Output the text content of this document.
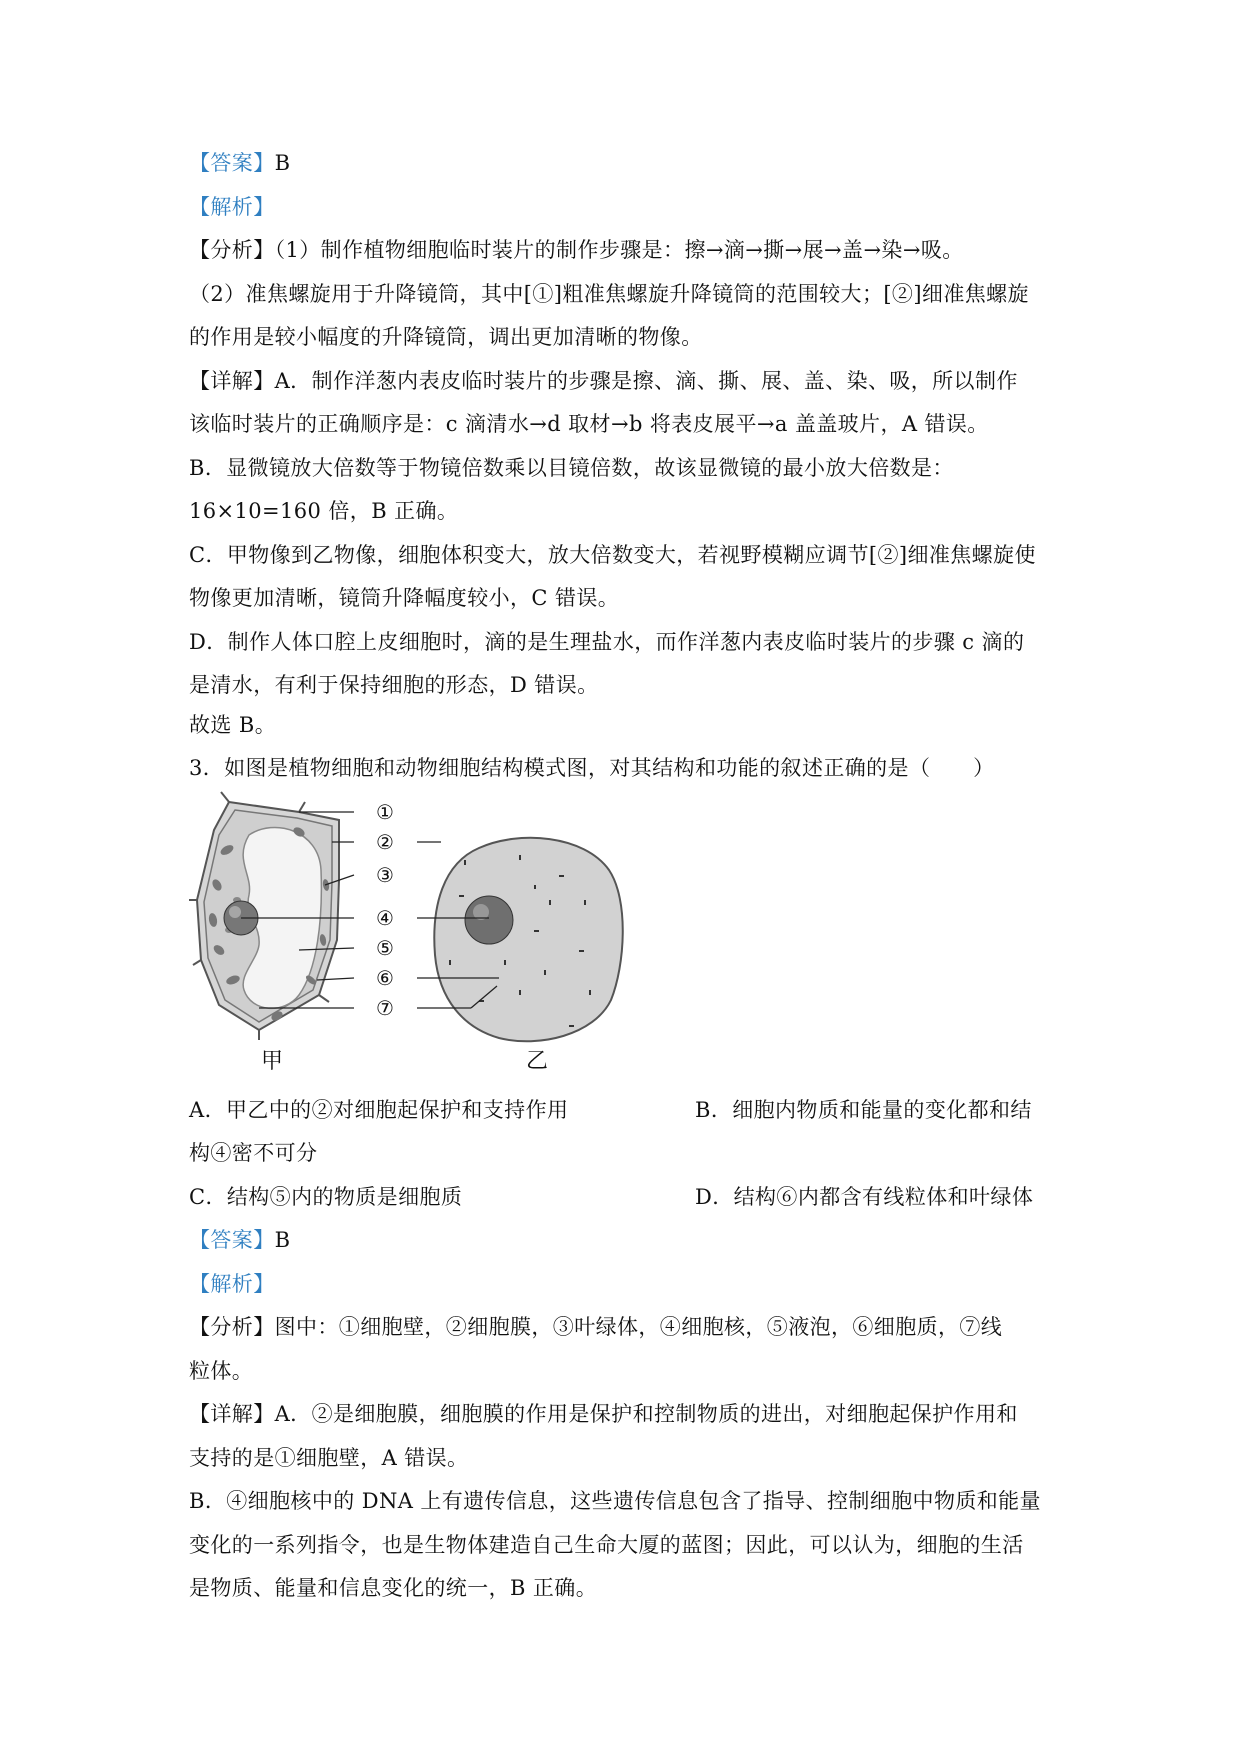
【答案】B
【解析】
【分析】（1）制作植物细胞临时装片的制作步骤是：擦→滴→撕→展→盖→染→吸。
（2）准焦螺旋用于升降镜筒，其中[①]粗准焦螺旋升降镜筒的范围较大；[②]细准焦螺旋
的作用是较小幅度的升降镜筒，调出更加清晰的物像。
【详解】A．制作洋葱内表皮临时装片的步骤是擦、滴、撕、展、盖、染、吸，所以制作
该临时装片的正确顺序是：c 滴清水→d 取材→b 将表皮展平→a 盖盖玻片，A 错误。
B．显微镜放大倍数等于物镜倍数乘以目镜倍数，故该显微镜的最小放大倍数是：
16×10=160 倍，B 正确。
C．甲物像到乙物像，细胞体积变大，放大倍数变大，若视野模糊应调节[②]细准焦螺旋使
物像更加清晰，镜筒升降幅度较小，C 错误。
D．制作人体口腔上皮细胞时，滴的是生理盐水，而作洋葱内表皮临时装片的步骤 c 滴的
是清水，有利于保持细胞的形态，D 错误。
故选 B。
3．如图是植物细胞和动物细胞结构模式图，对其结构和功能的叙述正确的是（　　）
①
②
③
④
⑤
⑥
⑦
甲	乙
A．甲乙中的②对细胞起保护和支持作用	B．细胞内物质和能量的变化都和结
构④密不可分
C．结构⑤内的物质是细胞质	D．结构⑥内都含有线粒体和叶绿体
【答案】B
【解析】
【分析】图中：①细胞壁，②细胞膜，③叶绿体，④细胞核，⑤液泡，⑥细胞质，⑦线
粒体。
【详解】A．②是细胞膜，细胞膜的作用是保护和控制物质的进出，对细胞起保护作用和
支持的是①细胞壁，A 错误。
B．④细胞核中的 DNA 上有遗传信息，这些遗传信息包含了指导、控制细胞中物质和能量
变化的一系列指令，也是生物体建造自己生命大厦的蓝图；因此，可以认为，细胞的生活
是物质、能量和信息变化的统一，B 正确。
